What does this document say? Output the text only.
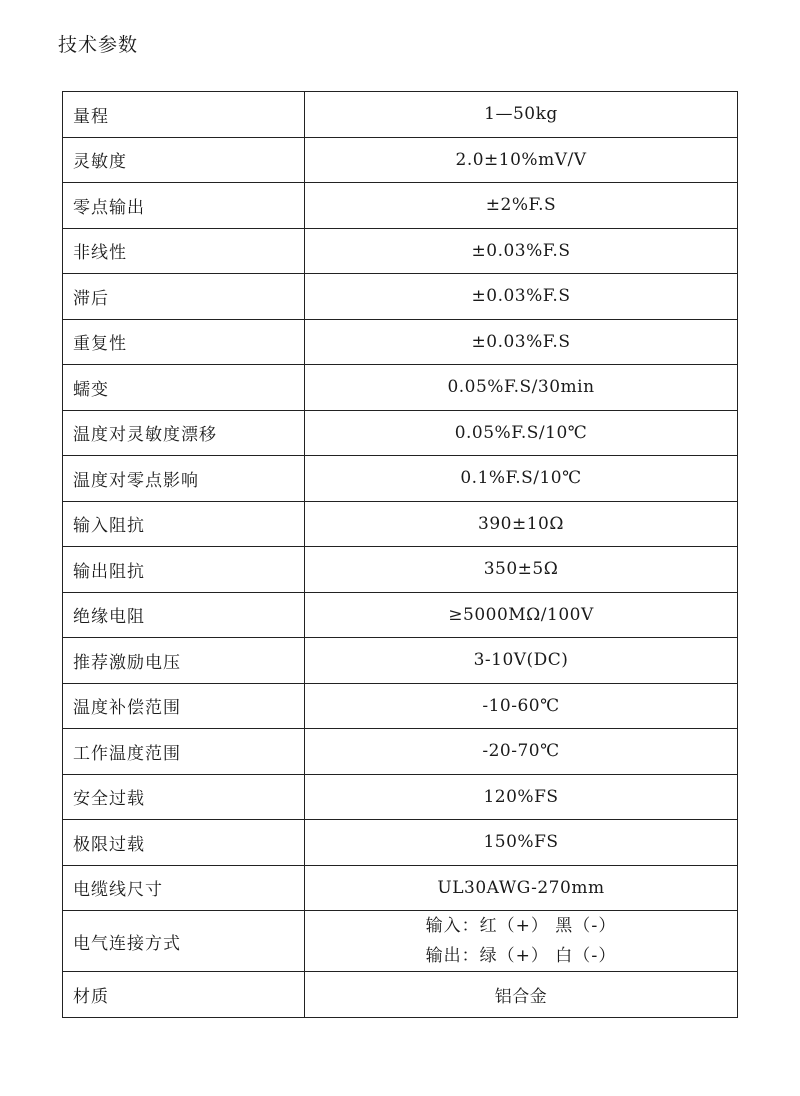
技术参数
量程	1—50kg
灵敏度	2.0±10%mV/V
零点输出	±2%F.S
非线性	±0.03%F.S
滞后	±0.03%F.S
重复性	±0.03%F.S
蠕变	0.05%F.S/30min
温度对灵敏度漂移	0.05%F.S/10℃
温度对零点影响	0.1%F.S/10℃
输入阻抗	390±10Ω
输出阻抗	350±5Ω
绝缘电阻	≥5000MΩ/100V
推荐激励电压	3-10V(DC)
温度补偿范围	-10-60℃
工作温度范围	-20-70℃
安全过载	120%FS
极限过载	150%FS
电缆线尺寸	UL30AWG-270mm
电气连接方式	输入：红（+） 黑（-）
输出：绿（+） 白（-）

材质	铝合金
